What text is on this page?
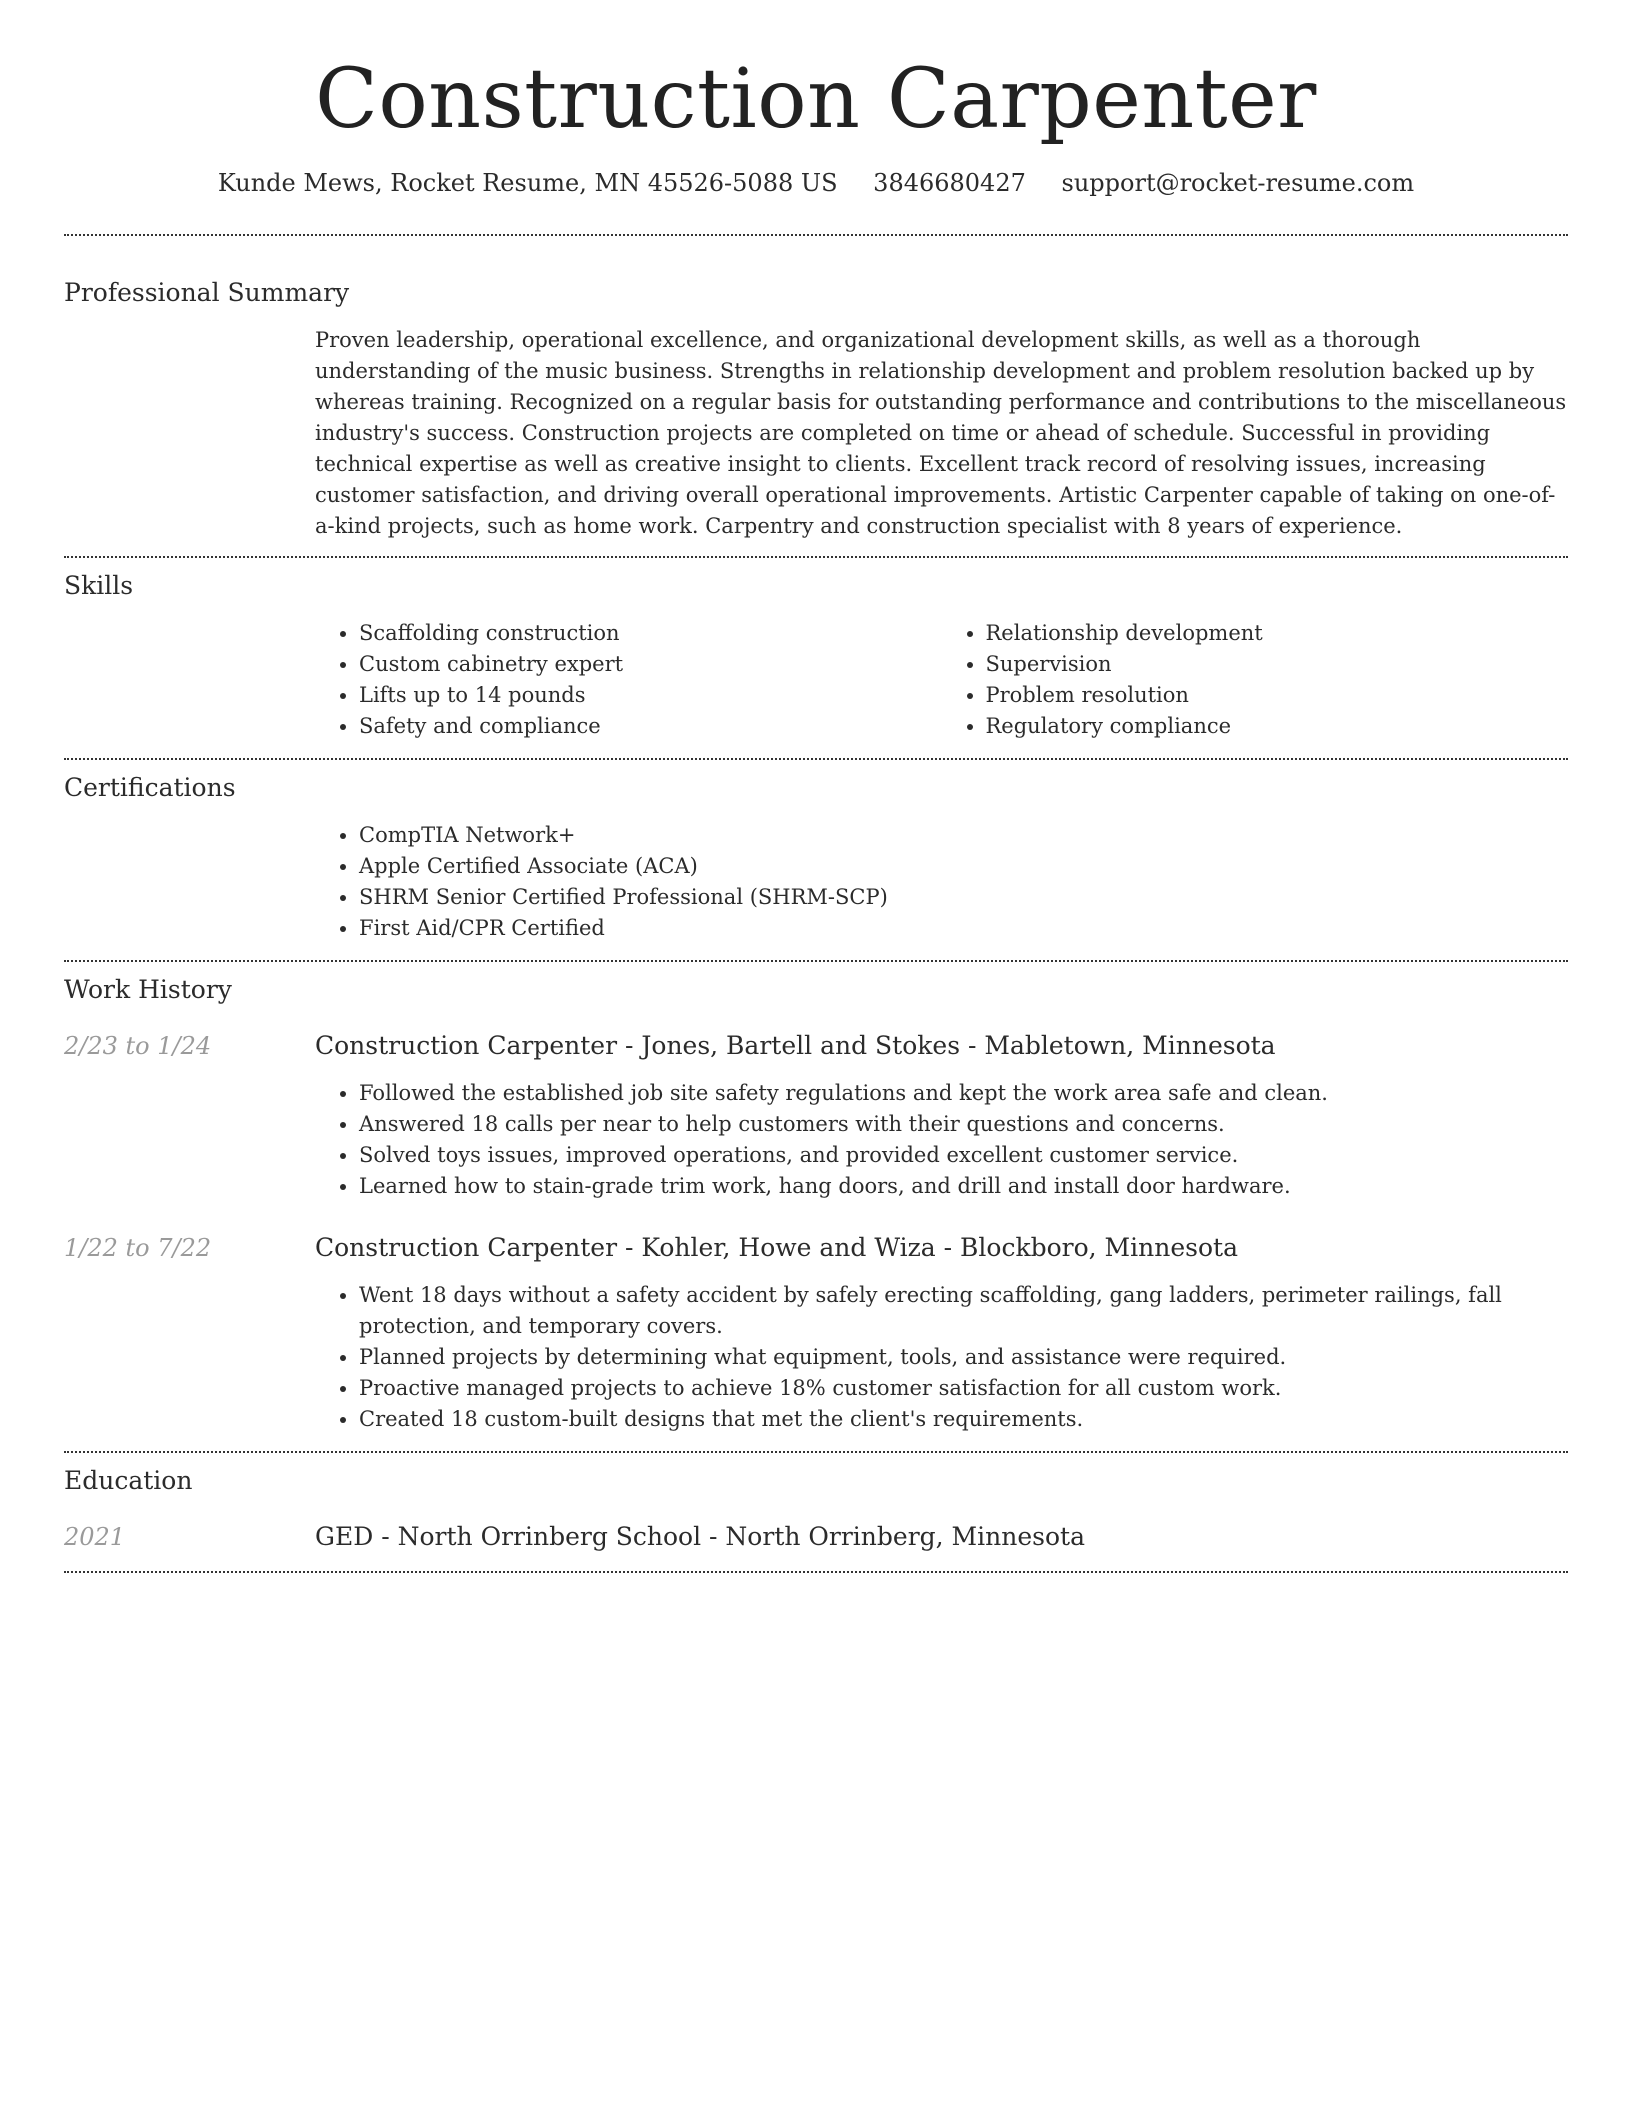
Construction Carpenter
Kunde Mews, Rocket Resume, MN 45526-5088 US 3846680427 support@rocket-resume.com
Professional Summary

Proven leadership, operational excellence, and organizational development skills, as well as a thorough understanding of the music business. Strengths in relationship development and problem resolution backed up by whereas training. Recognized on a regular basis for outstanding performance and contributions to the miscellaneous industry's success. Construction projects are completed on time or ahead of schedule. Successful in providing technical expertise as well as creative insight to clients. Excellent track record of resolving issues, increasing customer satisfaction, and driving overall operational improvements. Artistic Carpenter capable of taking on one-of-a-kind projects, such as home work. Carpentry and construction specialist with 8 years of experience.

Skills
• Scaffolding construction
• Custom cabinetry expert
• Lifts up to 14 pounds
• Safety and compliance
• Relationship development
• Supervision
• Problem resolution
• Regulatory compliance
Certifications
• CompTIA Network+
• Apple Certified Associate (ACA)
• SHRM Senior Certified Professional (SHRM-SCP)
• First Aid/CPR Certified
Work History
2/23 to 1/24	Construction Carpenter - Jones, Bartell and Stokes - Mabletown, Minnesota
• Followed the established job site safety regulations and kept the work area safe and clean.
• Answered 18 calls per near to help customers with their questions and concerns.
• Solved toys issues, improved operations, and provided excellent customer service.
• Learned how to stain-grade trim work, hang doors, and drill and install door hardware.
1/22 to 7/22	Construction Carpenter - Kohler, Howe and Wiza - Blockboro, Minnesota
• Went 18 days without a safety accident by safely erecting scaffolding, gang ladders, perimeter railings, fall protection, and temporary covers.
• Planned projects by determining what equipment, tools, and assistance were required.
• Proactive managed projects to achieve 18% customer satisfaction for all custom work.
• Created 18 custom-built designs that met the client's requirements.
Education
2021	GED - North Orrinberg School - North Orrinberg, Minnesota
